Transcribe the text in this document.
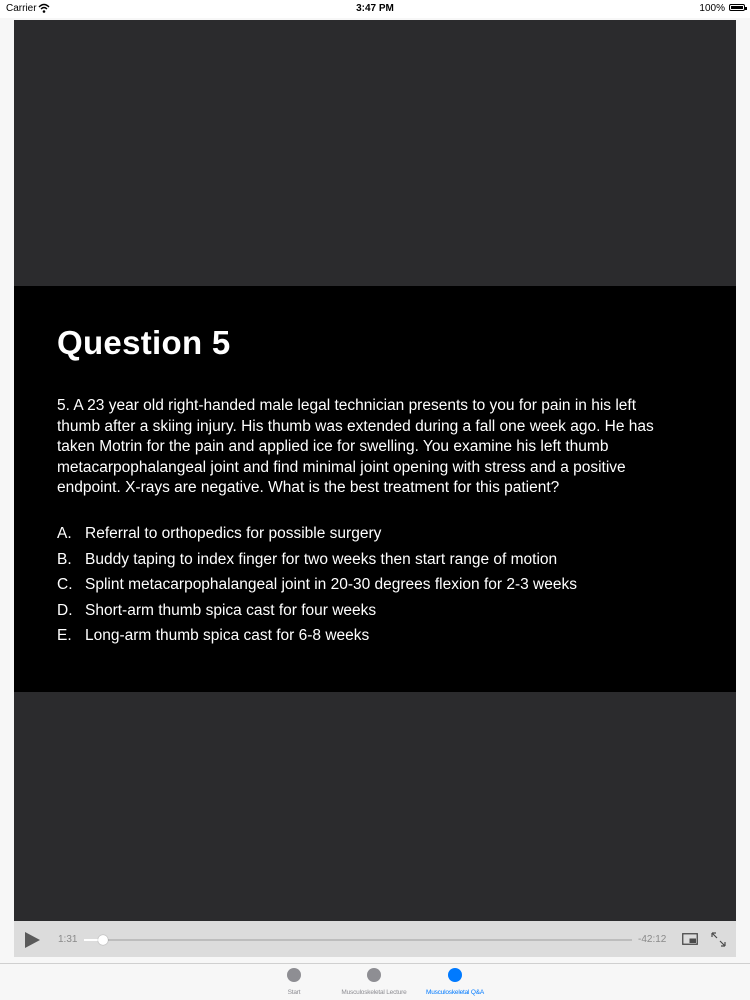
Carrier	3:47 PM	100%
Question 5
5. A 23 year old right-handed male legal technician presents to you for pain in his left
thumb after a skiing injury. His thumb was extended during a fall one week ago. He has
taken Motrin for the pain and applied ice for swelling. You examine his left thumb
metacarpophalangeal joint and find minimal joint opening with stress and a positive
endpoint. X-rays are negative. What is the best treatment for this patient?
A. Referral to orthopedics for possible surgery
B. Buddy taping to index finger for two weeks then start range of motion
C. Splint metacarpophalangeal joint in 20-30 degrees flexion for 2-3 weeks
D. Short-arm thumb spica cast for four weeks
E. Long-arm thumb spica cast for 6-8 weeks
1:31	-42:12
Start	Musculoskeletal Lecture	Musculoskeletal Q&A
